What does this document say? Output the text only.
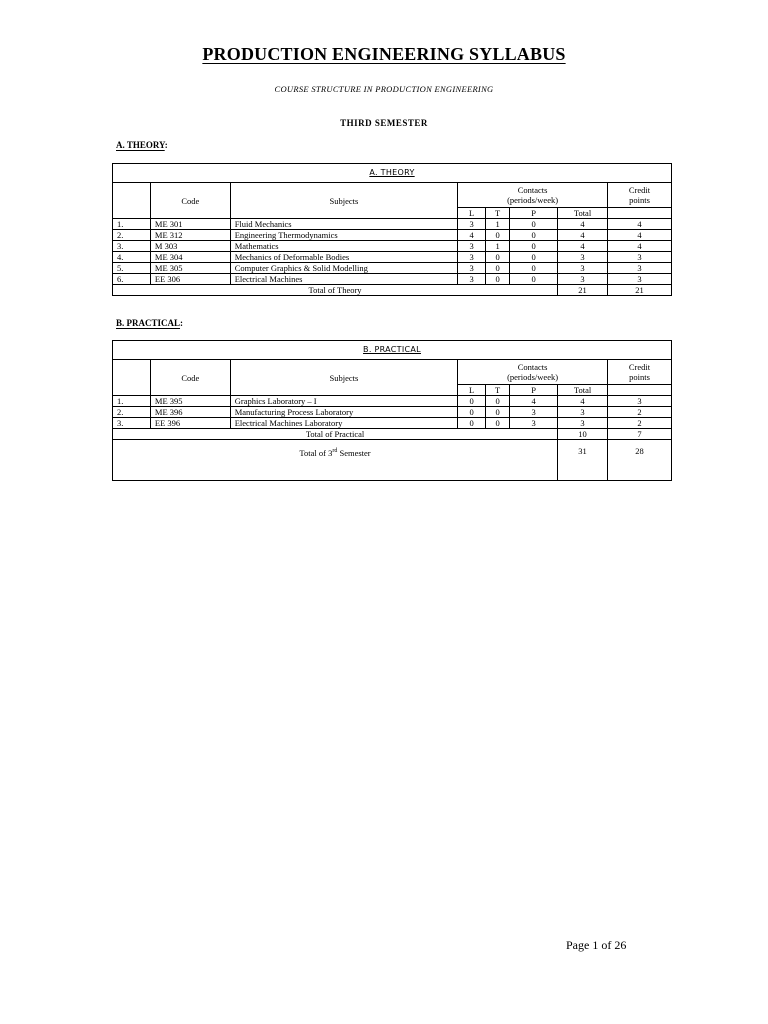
PRODUCTION ENGINEERING SYLLABUS
COURSE STRUCTURE IN PRODUCTION ENGINEERING
THIRD SEMESTER
A. THEORY:
A. THEORY							
	Code	Subjects	Contacts (periods/week)				Credit points
			L	T	P	Total	
1.	ME 301	Fluid Mechanics	3	1	0	4	4
2.	ME 312	Engineering Thermodynamics	4	0	0	4	4
3.	M 303	Mathematics	3	1	0	4	4
4.	ME 304	Mechanics of Deformable Bodies	3	0	0	3	3
5.	ME 305	Computer Graphics & Solid Modelling	3	0	0	3	3
6.	EE 306	Electrical Machines	3	0	0	3	3
Total of Theory						21	21
B. PRACTICAL:
B. PRACTICAL							
	Code	Subjects	Contacts (periods/week)				Credit points
			L	T	P	Total	
1.	ME 395	Graphics Laboratory – I	0	0	4	4	3
2.	ME 396	Manufacturing Process Laboratory	0	0	3	3	2
3.	EE 396	Electrical Machines Laboratory	0	0	3	3	2
Total of Practical						10	7
Total of 3rd Semester						31	28
Page 1 of 26
